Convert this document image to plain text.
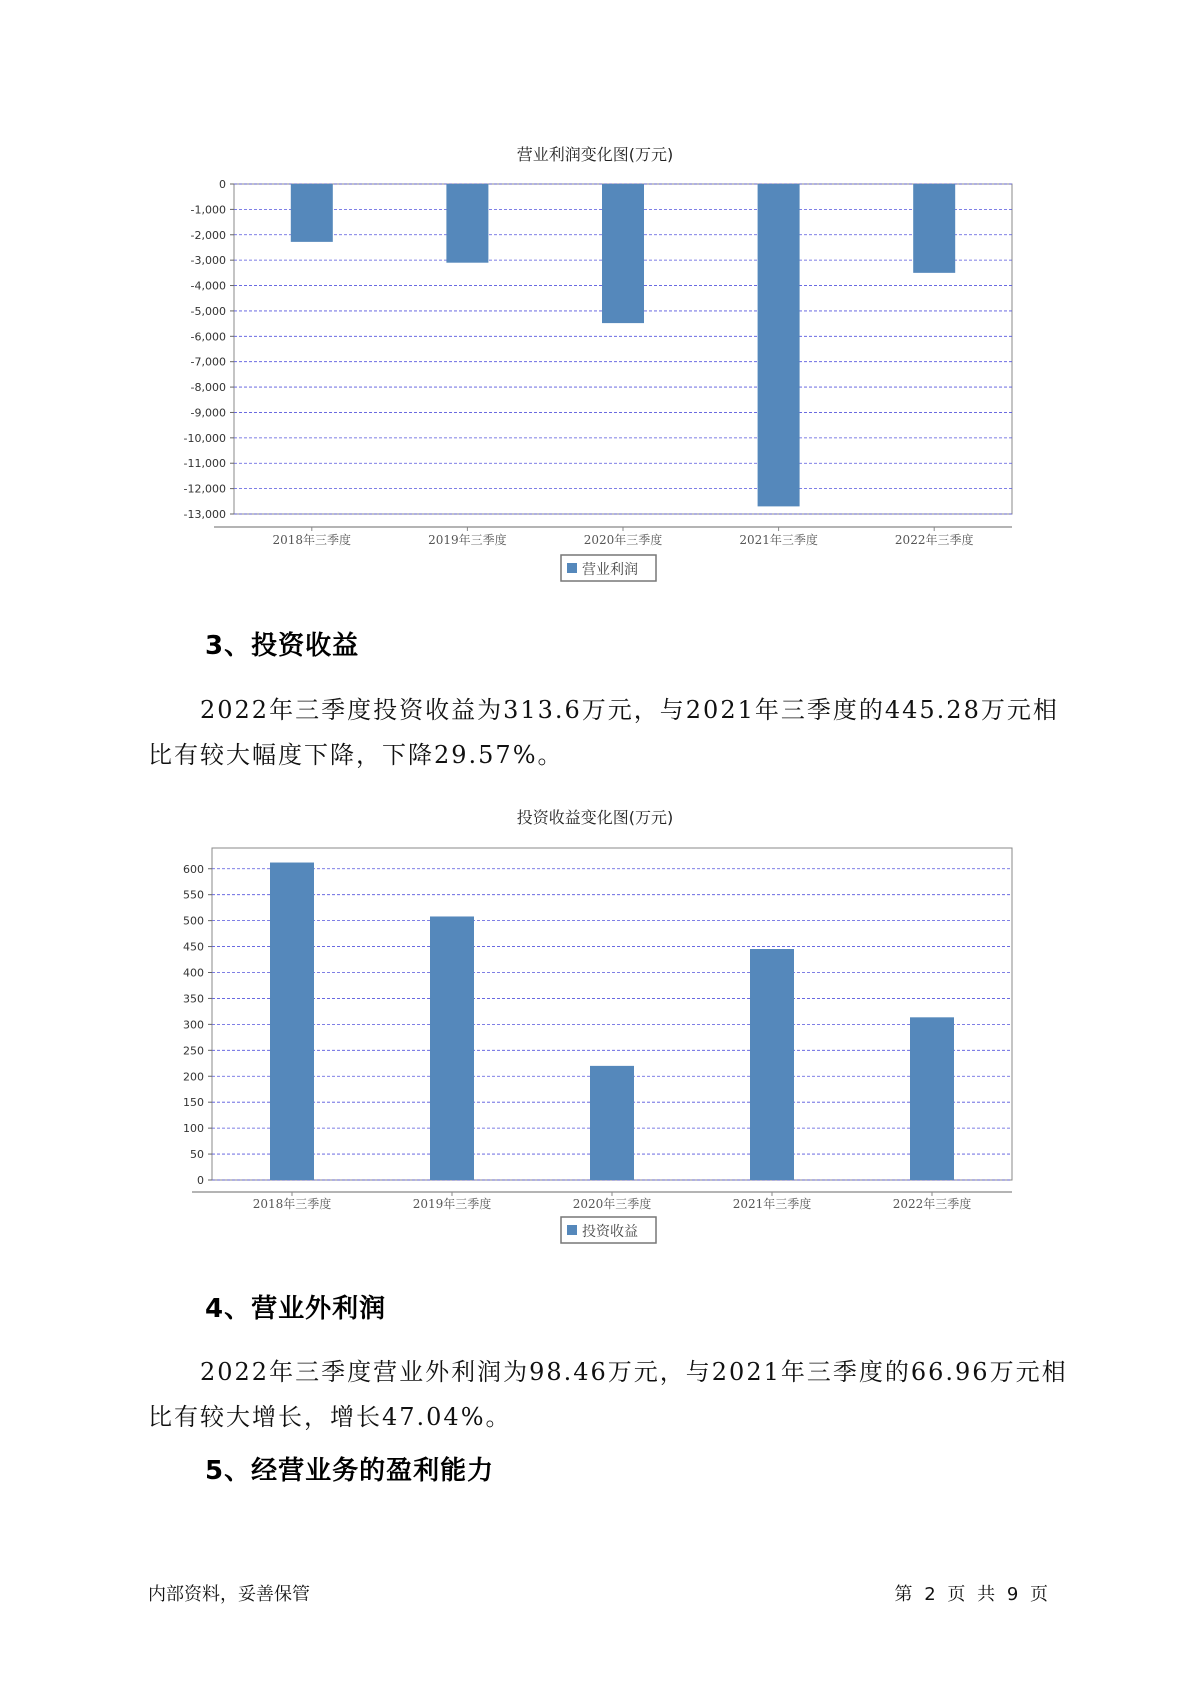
营业利润变化图(万元)
0
-1,000
-2,000
-3,000
-4,000
-5,000
-6,000
-7,000
-8,000
-9,000
-10,000
-11,000
-12,000
-13,000
2018年三季度	2019年三季度	2020年三季度	2021年三季度	2022年三季度
营业利润
3、投资收益
2022年三季度投资收益为313.6万元，与2021年三季度的445.28万元相比有较大幅度下降，下降29.57%。
投资收益变化图(万元)
0
50
100
150
200
250
300
350
400
450
500
550
600
2018年三季度	2019年三季度	2020年三季度	2021年三季度	2022年三季度
投资收益
4、营业外利润
2022年三季度营业外利润为98.46万元，与2021年三季度的66.96万元相比有较大增长，增长47.04%。
5、经营业务的盈利能力
内部资料，妥善保管	第 2 页 共 9 页
